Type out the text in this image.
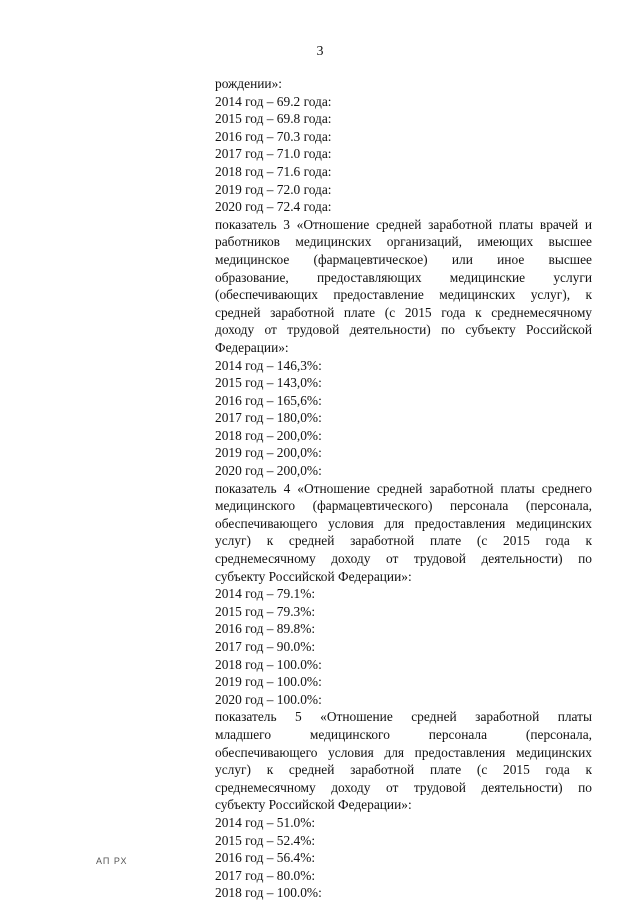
3
рождении»:
2014 год – 69.2 года:
2015 год – 69.8 года:
2016 год – 70.3 года:
2017 год – 71.0 года:
2018 год – 71.6 года:
2019 год – 72.0 года:
2020 год – 72.4 года:
показатель 3 «Отношение средней заработной платы врачей и
работников медицинских организаций, имеющих высшее
медицинское (фармацевтическое) или иное высшее
образование, предоставляющих медицинские услуги
(обеспечивающих предоставление медицинских услуг), к
средней заработной плате (с 2015 года к среднемесячному
доходу от трудовой деятельности) по субъекту Российской
Федерации»:
2014 год – 146,3%:
2015 год – 143,0%:
2016 год – 165,6%:
2017 год – 180,0%:
2018 год – 200,0%:
2019 год – 200,0%:
2020 год – 200,0%:
показатель 4 «Отношение средней заработной платы среднего
медицинского (фармацевтического) персонала (персонала,
обеспечивающего условия для предоставления медицинских
услуг) к средней заработной плате (с 2015 года к
среднемесячному доходу от трудовой деятельности) по
субъекту Российской Федерации»:
2014 год – 79.1%:
2015 год – 79.3%:
2016 год – 89.8%:
2017 год – 90.0%:
2018 год – 100.0%:
2019 год – 100.0%:
2020 год – 100.0%:
показатель 5 «Отношение средней заработной платы
младшего медицинского персонала (персонала,
обеспечивающего условия для предоставления медицинских
услуг) к средней заработной плате (с 2015 года к
среднемесячному доходу от трудовой деятельности) по
субъекту Российской Федерации»:
2014 год – 51.0%:
2015 год – 52.4%:
2016 год – 56.4%:
2017 год – 80.0%:
2018 год – 100.0%:
АП РХ
